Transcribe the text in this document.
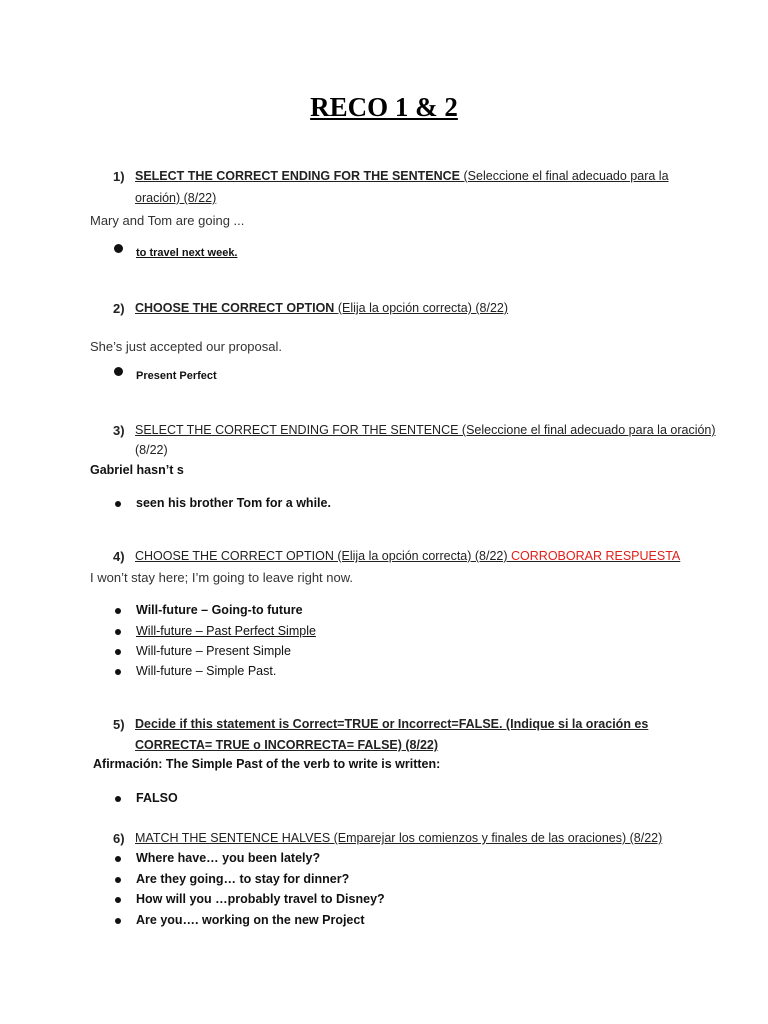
RECO 1 & 2
1) SELECT THE CORRECT ENDING FOR THE SENTENCE (Seleccione el final adecuado para la
oración) (8/22)
Mary and Tom are going ...
to travel next week.
2) CHOOSE THE CORRECT OPTION (Elija la opción correcta) (8/22)
She’s just accepted our proposal.
Present Perfect
3) SELECT THE CORRECT ENDING FOR THE SENTENCE (Seleccione el final adecuado para la oración)
(8/22)
Gabriel hasn’t s
seen his brother Tom for a while.
4) CHOOSE THE CORRECT OPTION (Elija la opción correcta) (8/22) CORROBORAR RESPUESTA
I won’t stay here; I’m going to leave right now.
Will-future – Going-to future
Will-future – Past Perfect Simple
Will-future – Present Simple
Will-future – Simple Past.
5) Decide if this statement is Correct=TRUE or Incorrect=FALSE. (Indique si la oración es
CORRECTA= TRUE o INCORRECTA= FALSE) (8/22)
Afirmación: The Simple Past of the verb to write is written:
FALSO
6) MATCH THE SENTENCE HALVES (Emparejar los comienzos y finales de las oraciones) (8/22)
Where have… you been lately?
Are they going… to stay for dinner?
How will you …probably travel to Disney?
Are you…. working on the new Project
